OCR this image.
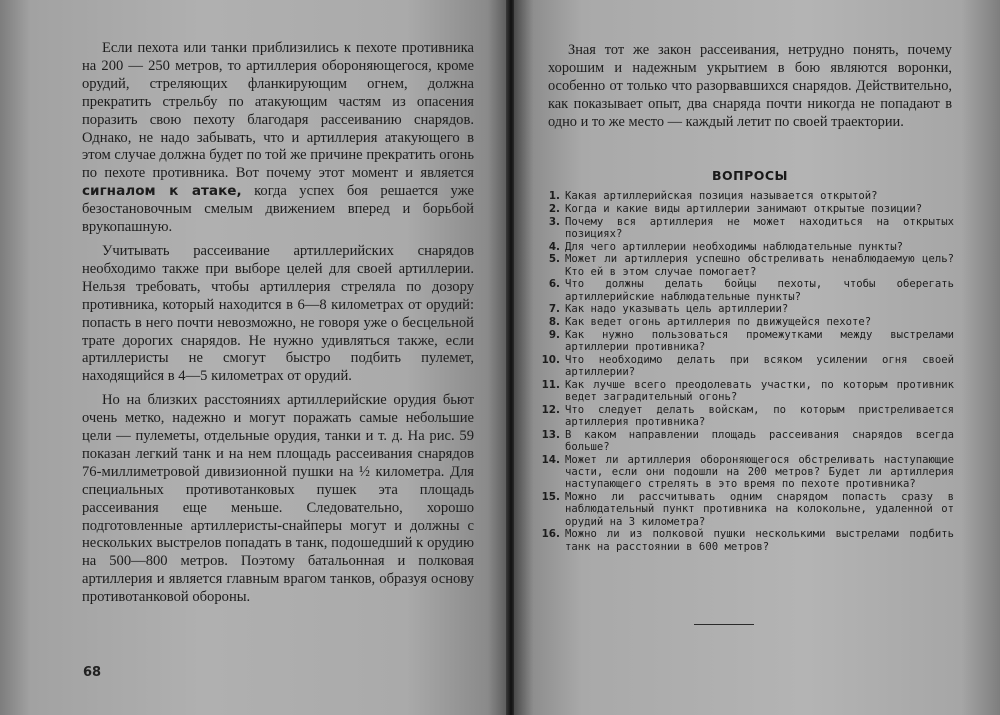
Если пехота или танки приблизились к пехоте противника на 200 — 250 метров, то артиллерия обороняющегося, кроме орудий, стреляющих фланкирующим огнем, должна прекратить стрельбу по атакующим частям из опасения поразить свою пехоту благодаря рассеиванию снарядов. Однако, не надо забывать, что и артиллерия атакующего в этом случае должна будет по той же причине прекратить огонь по пехоте противника. Вот почему этот момент и является сигналом к атаке, когда успех боя решается уже безостановочным смелым движением вперед и борьбой врукопашную.

Учитывать рассеивание артиллерийских снарядов необходимо также при выборе целей для своей артиллерии. Нельзя требовать, чтобы артиллерия стреляла по дозору противника, который находится в 6—8 километрах от орудий: попасть в него почти невозможно, не говоря уже о бесцельной трате дорогих снарядов. Не нужно удивляться также, если артиллеристы не смогут быстро подбить пулемет, находящийся в 4—5 километрах от орудий.

Но на близких расстояниях артиллерийские орудия бьют очень метко, надежно и могут поражать самые небольшие цели — пулеметы, отдельные орудия, танки и т. д. На рис. 59 показан легкий танк и на нем площадь рассеивания снарядов 76-миллиметровой дивизионной пушки на ½ километра. Для специальных противотанковых пушек эта площадь рассеивания еще меньше. Следовательно, хорошо подготовленные артиллеристы-снайперы могут и должны с нескольких выстрелов попадать в танк, подошедший к орудию на 500—800 метров. Поэтому батальонная и полковая артиллерия и является главным врагом танков, образуя основу противотанковой обороны.

68

Зная тот же закон рассеивания, нетрудно понять, почему хорошим и надежным укрытием в бою являются воронки, особенно от только что разорвавшихся снарядов. Действительно, как показывает опыт, два снаряда почти никогда не попадают в одно и то же место — каждый летит по своей траектории.

ВОПРОСЫ
1. Какая артиллерийская позиция называется открытой?
2. Когда и какие виды артиллерии занимают открытые позиции?
3. Почему вся артиллерия не может находиться на открытых позициях?
4. Для чего артиллерии необходимы наблюдательные пункты?
5. Может ли артиллерия успешно обстреливать ненаблюдаемую цель? Кто ей в этом случае помогает?
6. Что должны делать бойцы пехоты, чтобы оберегать артиллерийские наблюдательные пункты?
7. Как надо указывать цель артиллерии?
8. Как ведет огонь артиллерия по движущейся пехоте?
9. Как нужно пользоваться промежутками между выстрелами артиллерии противника?
10. Что необходимо делать при всяком усилении огня своей артиллерии?
11. Как лучше всего преодолевать участки, по которым противник ведет заградительный огонь?
12. Что следует делать войскам, по которым пристреливается артиллерия противника?
13. В каком направлении площадь рассеивания снарядов всегда больше?
14. Может ли артиллерия обороняющегося обстреливать наступающие части, если они подошли на 200 метров? Будет ли артиллерия наступающего стрелять в это время по пехоте противника?
15. Можно ли рассчитывать одним снарядом попасть сразу в наблюдательный пункт противника на колокольне, удаленной от орудий на 3 километра?
16. Можно ли из полковой пушки несколькими выстрелами подбить танк на расстоянии в 600 метров?
